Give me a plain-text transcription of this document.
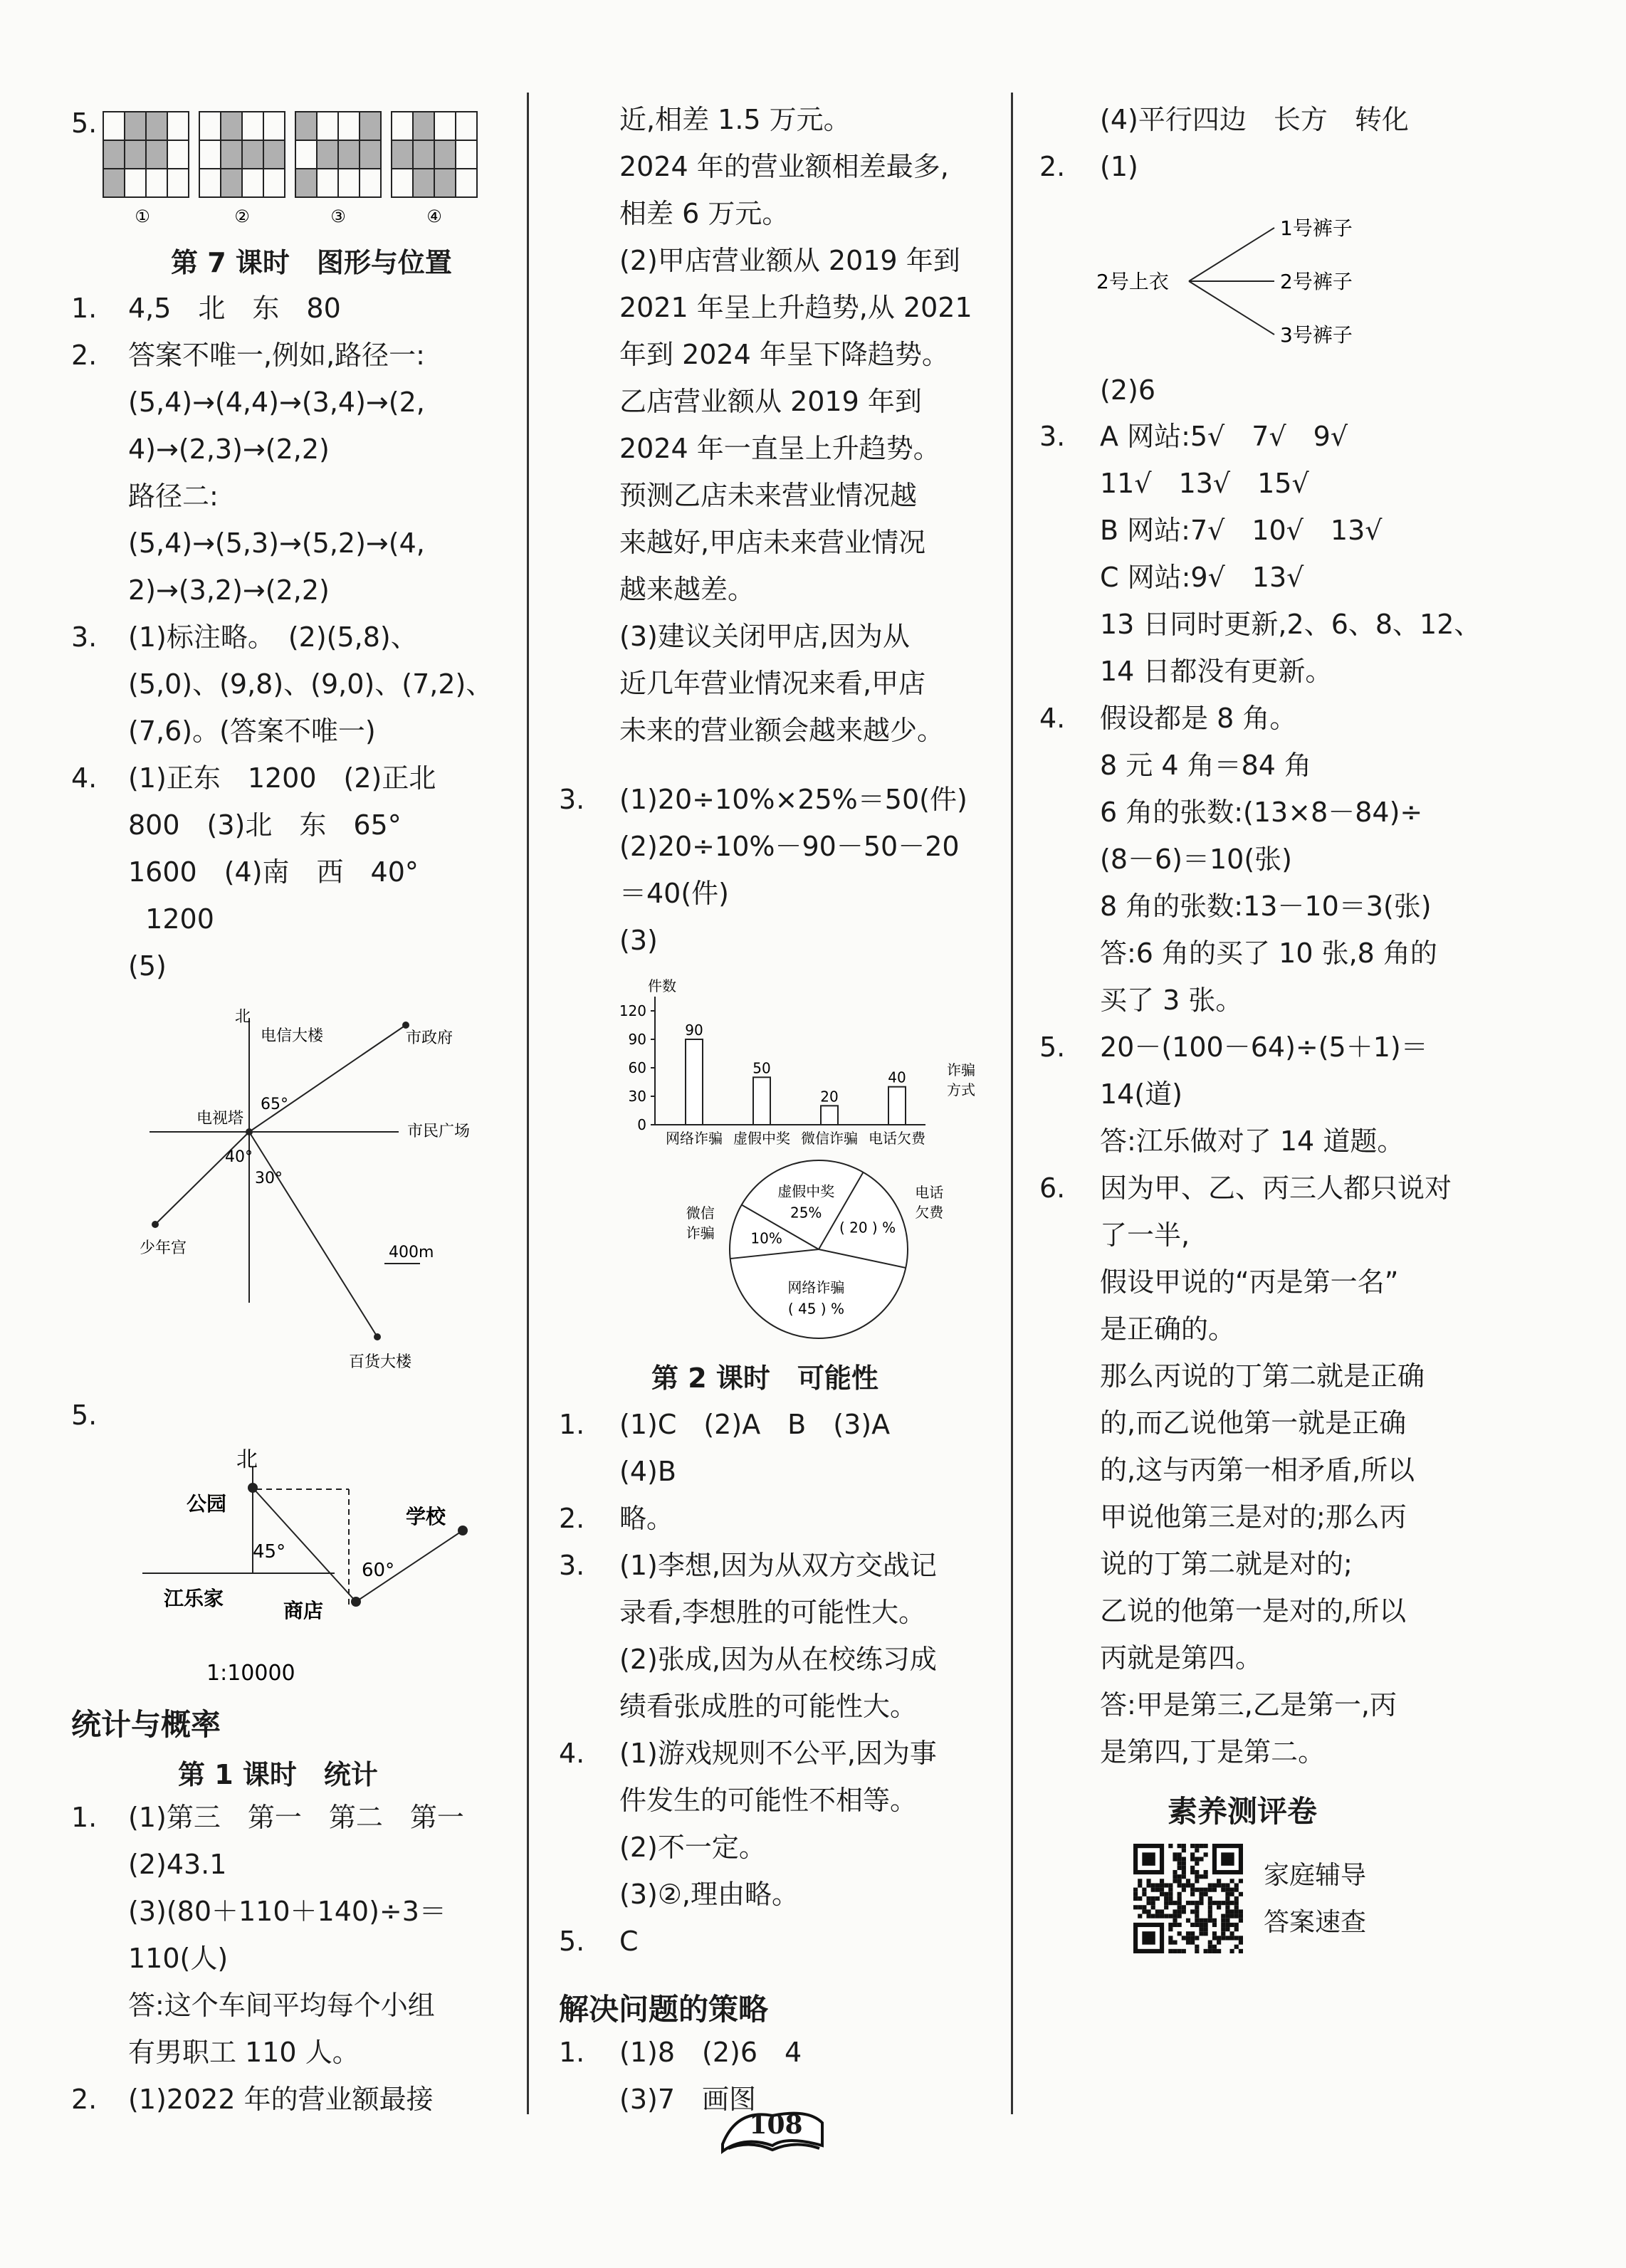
5.
①	②	③	④
第 7 课时　图形与位置
1. 4,5　北　东　80
2. 答案不唯一,例如,路径一:
(5,4)→(4,4)→(3,4)→(2,
4)→(2,3)→(2,2)
路径二:
(5,4)→(5,3)→(5,2)→(4,
2)→(3,2)→(2,2)
3. (1)标注略。　(2)(5,8)、
(5,0)、(9,8)、(9,0)、(7,2)、
(7,6)。(答案不唯一)
4. (1)正东　1200　(2)正北
800　(3)北　东　65°
1600　(4)南　西　40°
1200
(5)
北
电信大楼	市政府
电视塔
市民广场
少年宫
百货大楼
65°
40°
30°
400m
5.
北
公园
学校
江乐家
商店
45°
60°
1:10000
统计与概率
第 1 课时　统计
1. (1)第三　第一　第二　第一
(2)43.1
(3)(80＋110＋140)÷3＝
110(人)
答:这个车间平均每个小组
有男职工 110 人。
2. (1)2022 年的营业额最接
近,相差 1.5 万元。
2024 年的营业额相差最多,
相差 6 万元。
(2)甲店营业额从 2019 年到
2021 年呈上升趋势,从 2021
年到 2024 年呈下降趋势。
乙店营业额从 2019 年到
2024 年一直呈上升趋势。
预测乙店未来营业情况越
来越好,甲店未来营业情况
越来越差。
(3)建议关闭甲店,因为从
近几年营业情况来看,甲店
未来的营业额会越来越少。
3. (1)20÷10%×25%＝50(件)
(2)20÷10%－90－50－20
＝40(件)
(3)
件数
0
30
60
90
120
90
网络诈骗
50
虚假中奖
20
微信诈骗
40
电话欠费
诈骗
方式
虚假中奖
25%
电话
欠费
( 20 ) %
网络诈骗
( 45 ) %
微信
诈骗	10%
第 2 课时　可能性
1. (1)C　(2)A　B　(3)A
(4)B
2. 略。
3. (1)李想,因为从双方交战记
录看,李想胜的可能性大。
(2)张成,因为从在校练习成
绩看张成胜的可能性大。
4. (1)游戏规则不公平,因为事
件发生的可能性不相等。
(2)不一定。
(3)②,理由略。
5. C
解决问题的策略
1. (1)8　(2)6　4
(3)7　画图
(4)平行四边　长方　转化
2. (1)
2号上衣
1号裤子
2号裤子
3号裤子
(2)6
3. A 网站:5√　7√　9√
11√　13√　15√
B 网站:7√　10√　13√
C 网站:9√　13√
13 日同时更新,2、6、8、12、
14 日都没有更新。
4. 假设都是 8 角。
8 元 4 角＝84 角
6 角的张数:(13×8－84)÷
(8－6)＝10(张)
8 角的张数:13－10＝3(张)
答:6 角的买了 10 张,8 角的
买了 3 张。
5. 20－(100－64)÷(5＋1)＝
14(道)
答:江乐做对了 14 道题。
6. 因为甲、乙、丙三人都只说对
了一半,
假设甲说的“丙是第一名”
是正确的。
那么丙说的丁第二就是正确
的,而乙说他第一就是正确
的,这与丙第一相矛盾,所以
甲说他第三是对的;那么丙
说的丁第二就是对的;
乙说的他第一是对的,所以
丙就是第四。
答:甲是第三,乙是第一,丙
是第四,丁是第二。
素养测评卷
家庭辅导
答案速查
108
